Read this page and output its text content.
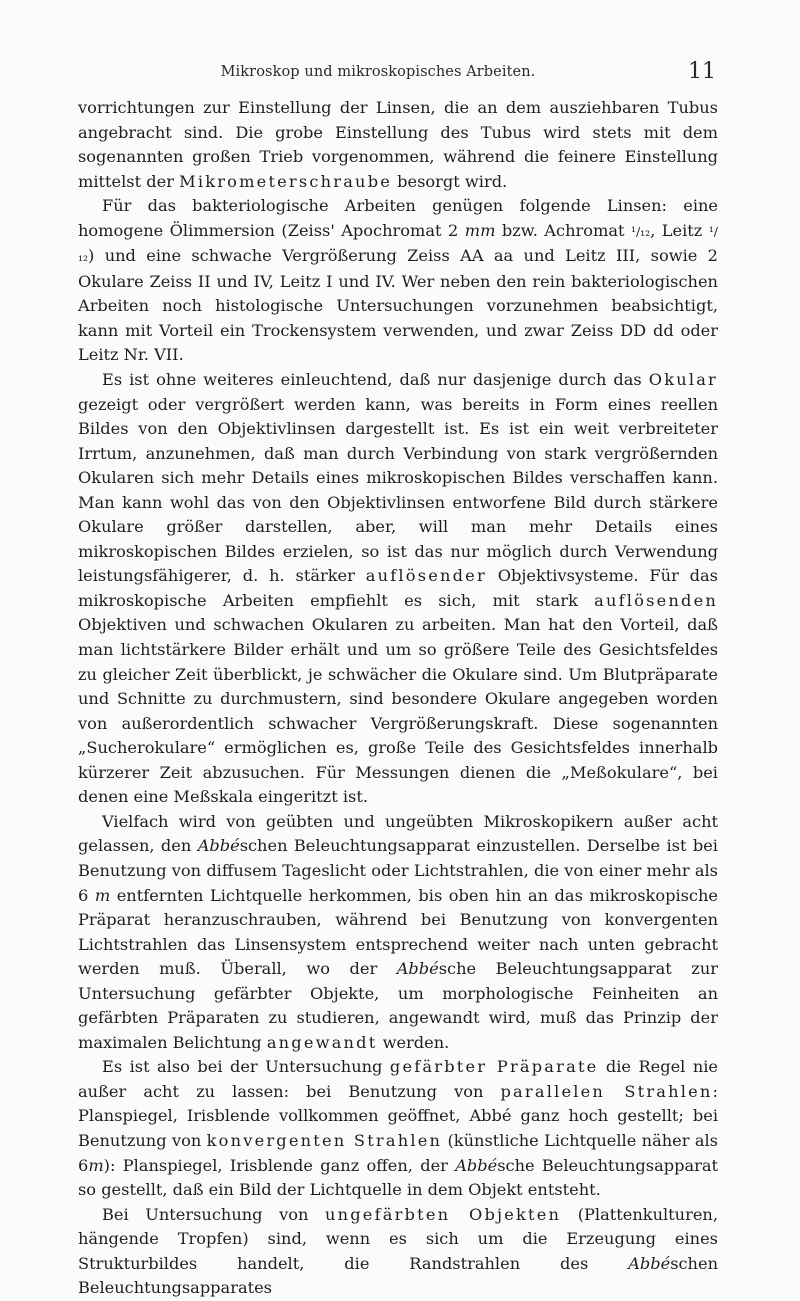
Mikroskop und mikroskopisches Arbeiten.	11

vorrichtungen zur Einstellung der Linsen, die an dem ausziehbaren Tubus angebracht sind. Die grobe Einstellung des Tubus wird stets mit dem sogenannten großen Trieb vorgenommen, während die feinere Einstellung mittelst der Mikrometerschraube besorgt wird.

Für das bakteriologische Arbeiten genügen folgende Linsen: eine homogene Ölimmersion (Zeiss' Apochromat 2 mm bzw. Achromat ¹/₁₂, Leitz ¹/₁₂) und eine schwache Vergrößerung Zeiss AA aa und Leitz III, sowie 2 Okulare Zeiss II und IV, Leitz I und IV. Wer neben den rein bakteriologischen Arbeiten noch histologische Untersuchungen vorzunehmen beabsichtigt, kann mit Vorteil ein Trockensystem verwenden, und zwar Zeiss DD dd oder Leitz Nr. VII.

Es ist ohne weiteres einleuchtend, daß nur dasjenige durch das Okular gezeigt oder vergrößert werden kann, was bereits in Form eines reellen Bildes von den Objektivlinsen dargestellt ist. Es ist ein weit verbreiteter Irrtum, anzunehmen, daß man durch Verbindung von stark vergrößernden Okularen sich mehr Details eines mikroskopischen Bildes verschaffen kann. Man kann wohl das von den Objektivlinsen entworfene Bild durch stärkere Okulare größer darstellen, aber, will man mehr Details eines mikroskopischen Bildes erzielen, so ist das nur möglich durch Verwendung leistungsfähigerer, d. h. stärker auflösender Objektivsysteme. Für das mikroskopische Arbeiten empfiehlt es sich, mit stark auflösenden Objektiven und schwachen Okularen zu arbeiten. Man hat den Vorteil, daß man lichtstärkere Bilder erhält und um so größere Teile des Gesichtsfeldes zu gleicher Zeit überblickt, je schwächer die Okulare sind. Um Blutpräparate und Schnitte zu durchmustern, sind besondere Okulare angegeben worden von außerordentlich schwacher Vergrößerungskraft. Diese sogenannten „Sucherokulare“ ermöglichen es, große Teile des Gesichtsfeldes innerhalb kürzerer Zeit abzusuchen. Für Messungen dienen die „Meßokulare“, bei denen eine Meßskala eingeritzt ist.

Vielfach wird von geübten und ungeübten Mikroskopikern außer acht gelassen, den Abbéschen Beleuchtungsapparat einzustellen. Derselbe ist bei Benutzung von diffusem Tageslicht oder Lichtstrahlen, die von einer mehr als 6 m entfernten Lichtquelle herkommen, bis oben hin an das mikroskopische Präparat heranzuschrauben, während bei Benutzung von konvergenten Lichtstrahlen das Linsensystem entsprechend weiter nach unten gebracht werden muß. Überall, wo der Abbésche Beleuchtungsapparat zur Untersuchung gefärbter Objekte, um morphologische Feinheiten an gefärbten Präparaten zu studieren, angewandt wird, muß das Prinzip der maximalen Belichtung angewandt werden.

Es ist also bei der Untersuchung gefärbter Präparate die Regel nie außer acht zu lassen: bei Benutzung von parallelen Strahlen: Planspiegel, Irisblende vollkommen geöffnet, Abbé ganz hoch gestellt; bei Benutzung von konvergenten Strahlen (künstliche Lichtquelle näher als 6m): Planspiegel, Irisblende ganz offen, der Abbésche Beleuchtungsapparat so gestellt, daß ein Bild der Lichtquelle in dem Objekt entsteht.

Bei Untersuchung von ungefärbten Objekten (Plattenkulturen, hängende Tropfen) sind, wenn es sich um die Erzeugung eines Strukturbildes handelt, die Randstrahlen des Abbéschen Beleuchtungsapparates
